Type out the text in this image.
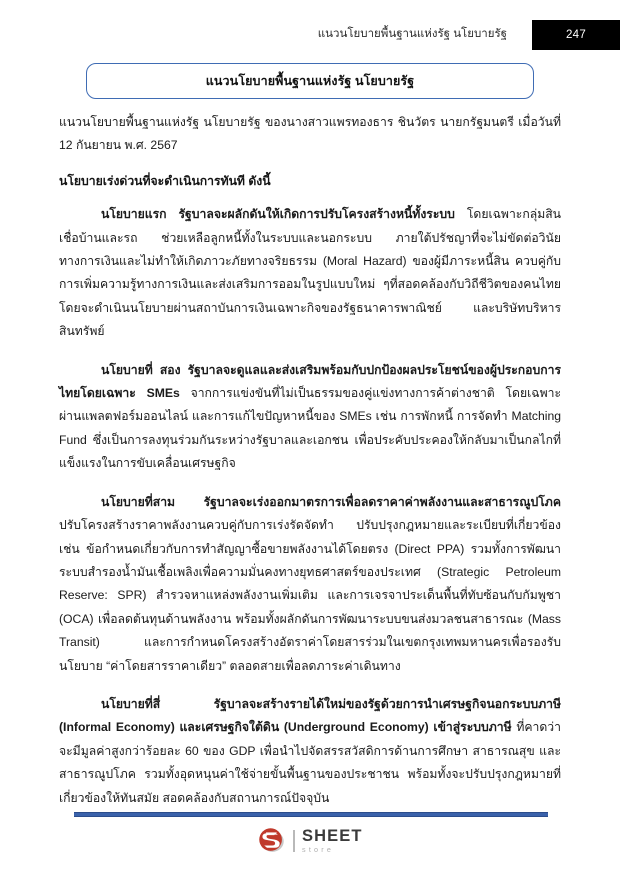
แนวนโยบายพื้นฐานแห่งรัฐ นโยบายรัฐ	247
แนวนโยบายพื้นฐานแห่งรัฐ นโยบายรัฐ

แนวนโยบายพื้นฐานแห่งรัฐ นโยบายรัฐ ของนางสาวแพรทองธาร ชินวัตร นายกรัฐมนตรี เมื่อวันที่ 12 กันยายน พ.ศ. 2567

นโยบายเร่งด่วนที่จะดำเนินการทันที ดังนี้

นโยบายแรก รัฐบาลจะผลักดันให้เกิดการปรับโครงสร้างหนี้ทั้งระบบ โดยเฉพาะกลุ่มสินเชื่อบ้านและรถ ช่วยเหลือลูกหนี้ทั้งในระบบและนอกระบบ ภายใต้ปรัชญาที่จะไม่ขัดต่อวินัยทางการเงินและไม่ทำให้เกิดภาวะภัยทางจริยธรรม (Moral Hazard) ของผู้มีภาระหนี้สิน ควบคู่กับการเพิ่มความรู้ทางการเงินและส่งเสริมการออมในรูปแบบใหม่ ๆที่สอดคล้องกับวิถีชีวิตของคนไทย โดยจะดำเนินนโยบายผ่านสถาบันการเงินเฉพาะกิจของรัฐธนาคารพาณิชย์ และบริษัทบริหารสินทรัพย์

นโยบายที่ สอง รัฐบาลจะดูแลและส่งเสริมพร้อมกับปกป้องผลประโยชน์ของผู้ประกอบการไทยโดยเฉพาะ SMEs จากการแข่งขันที่ไม่เป็นธรรมของคู่แข่งทางการค้าต่างชาติ โดยเฉพาะผ่านแพลตฟอร์มออนไลน์ และการแก้ไขปัญหาหนี้ของ SMEs เช่น การพักหนี้ การจัดทำ Matching Fund ซึ่งเป็นการลงทุนร่วมกันระหว่างรัฐบาลและเอกชน เพื่อประคับประคองให้กลับมาเป็นกลไกที่แข็งแรงในการขับเคลื่อนเศรษฐกิจ

นโยบายที่สาม รัฐบาลจะเร่งออกมาตรการเพื่อลดราคาค่าพลังงานและสาธารณูปโภค ปรับโครงสร้างราคาพลังงานควบคู่กับการเร่งรัดจัดทำ ปรับปรุงกฎหมายและระเบียบที่เกี่ยวข้อง เช่น ข้อกำหนดเกี่ยวกับการทำสัญญาซื้อขายพลังงานได้โดยตรง (Direct PPA) รวมทั้งการพัฒนาระบบสำรองน้ำมันเชื้อเพลิงเพื่อความมั่นคงทางยุทธศาสตร์ของประเทศ (Strategic Petroleum Reserve: SPR) สำรวจหาแหล่งพลังงานเพิ่มเติม และการเจรจาประเด็นพื้นที่ทับซ้อนกับกัมพูชา (OCA) เพื่อลดต้นทุนด้านพลังงาน พร้อมทั้งผลักดันการพัฒนาระบบขนส่งมวลชนสาธารณะ (Mass Transit) และการกำหนดโครงสร้างอัตราค่าโดยสารร่วมในเขตกรุงเทพมหานครเพื่อรองรับนโยบาย “ค่าโดยสารราคาเดียว” ตลอดสายเพื่อลดภาระค่าเดินทาง

นโยบายที่สี่ รัฐบาลจะสร้างรายได้ใหม่ของรัฐด้วยการนำเศรษฐกิจนอกระบบภาษี (Informal Economy) และเศรษฐกิจใต้ดิน (Underground Economy) เข้าสู่ระบบภาษี ที่คาดว่าจะมีมูลค่าสูงกว่าร้อยละ 60 ของ GDP เพื่อนำไปจัดสรรสวัสดิการด้านการศึกษา สาธารณสุข และสาธารณูปโภค รวมทั้งอุดหนุนค่าใช้จ่ายขั้นพื้นฐานของประชาชน พร้อมทั้งจะปรับปรุงกฎหมายที่เกี่ยวข้องให้ทันสมัย สอดคล้องกับสถานการณ์ปัจจุบัน

SHEET
store
